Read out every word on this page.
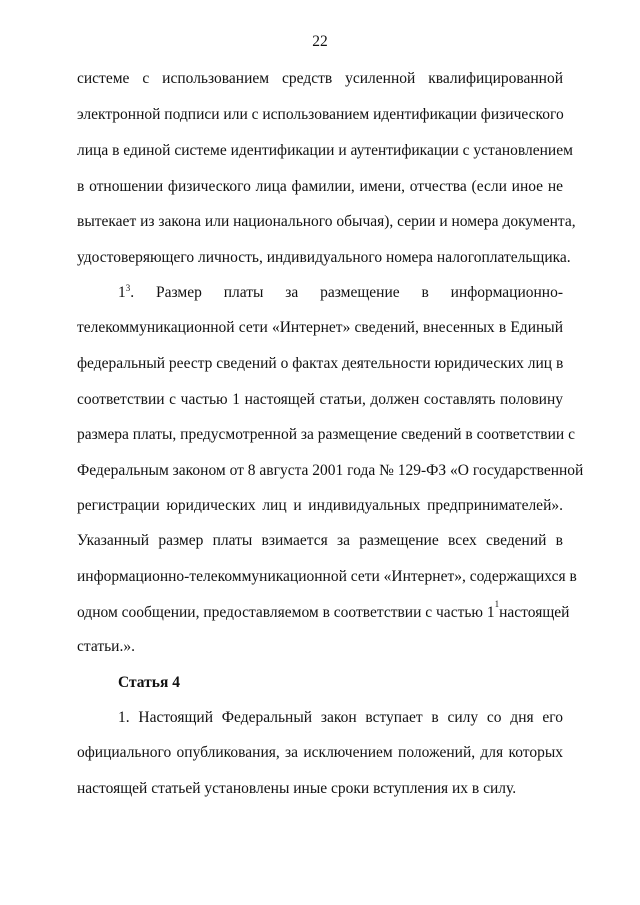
22
системе с использованием средств усиленной квалифицированной
электронной подписи или с использованием идентификации физического
лица в единой системе идентификации и аутентификации с установлением
в отношении физического лица фамилии, имени, отчества (если иное не
вытекает из закона или национального обычая), серии и номера документа,
удостоверяющего личность, индивидуального номера налогоплательщика.
$1^3$ . Размер платы за размещение в информационно-
телекоммуникационной сети «Интернет» сведений, внесенных в Единый
федеральный реестр сведений о фактах деятельности юридических лиц в
соответствии с частью 1 настоящей статьи, должен составлять половину
размера платы, предусмотренной за размещение сведений в соответствии с
Федеральным законом от 8 августа 2001 года № 129-ФЗ «О государственной
регистрации юридических лиц и индивидуальных предпринимателей».
Указанный размер платы взимается за размещение всех сведений в
информационно-телекоммуникационной сети «Интернет», содержащихся в
одном сообщении, предоставляемом в соответствии с частью 1 1 настоящей
статьи.».
Статья 4
1. Настоящий Федеральный закон вступает в силу со дня его
официального опубликования, за исключением положений, для которых
настоящей статьей установлены иные сроки вступления их в силу.
